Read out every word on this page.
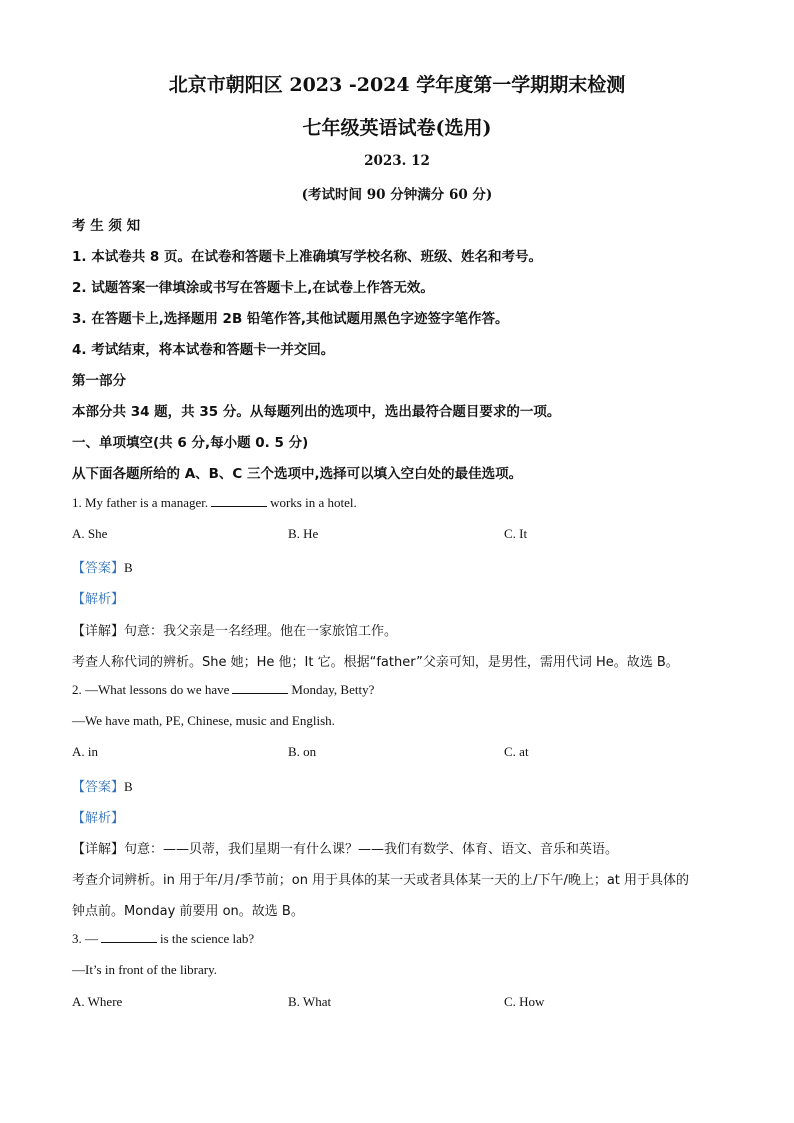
北京市朝阳区 2023 -2024 学年度第一学期期末检测
七年级英语试卷(选用)
2023. 12
(考试时间 90 分钟满分 60 分)
考 生 须 知
1. 本试卷共 8 页。在试卷和答题卡上准确填写学校名称、班级、姓名和考号。
2. 试题答案一律填涂或书写在答题卡上,在试卷上作答无效。
3. 在答题卡上,选择题用 2B 铅笔作答,其他试题用黑色字迹签字笔作答。
4. 考试结束，将本试卷和答题卡一并交回。
第一部分
本部分共 34 题，共 35 分。从每题列出的选项中，选出最符合题目要求的一项。
一、单项填空(共 6 分,每小题 0. 5 分)
从下面各题所给的 A、B、C 三个选项中,选择可以填入空白处的最佳选项。
1. My father is a manager.	works in a hotel.
A. She	B. He	C. It
【答案】B
【解析】
【详解】句意：我父亲是一名经理。他在一家旅馆工作。
考查人称代词的辨析。She 她；He 他；It 它。根据“father”父亲可知，是男性，需用代词 He。故选 B。
2. —What lessons do we have	Monday, Betty?
—We have math, PE, Chinese, music and English.
A. in	B. on	C. at
【答案】B
【解析】
【详解】句意：——贝蒂，我们星期一有什么课？——我们有数学、体育、语文、音乐和英语。
考查介词辨析。in 用于年/月/季节前；on 用于具体的某一天或者具体某一天的上/下午/晚上；at 用于具体的
钟点前。Monday 前要用 on。故选 B。
3. —	is the science lab?
—It’s in front of the library.
A. Where	B. What	C. How
